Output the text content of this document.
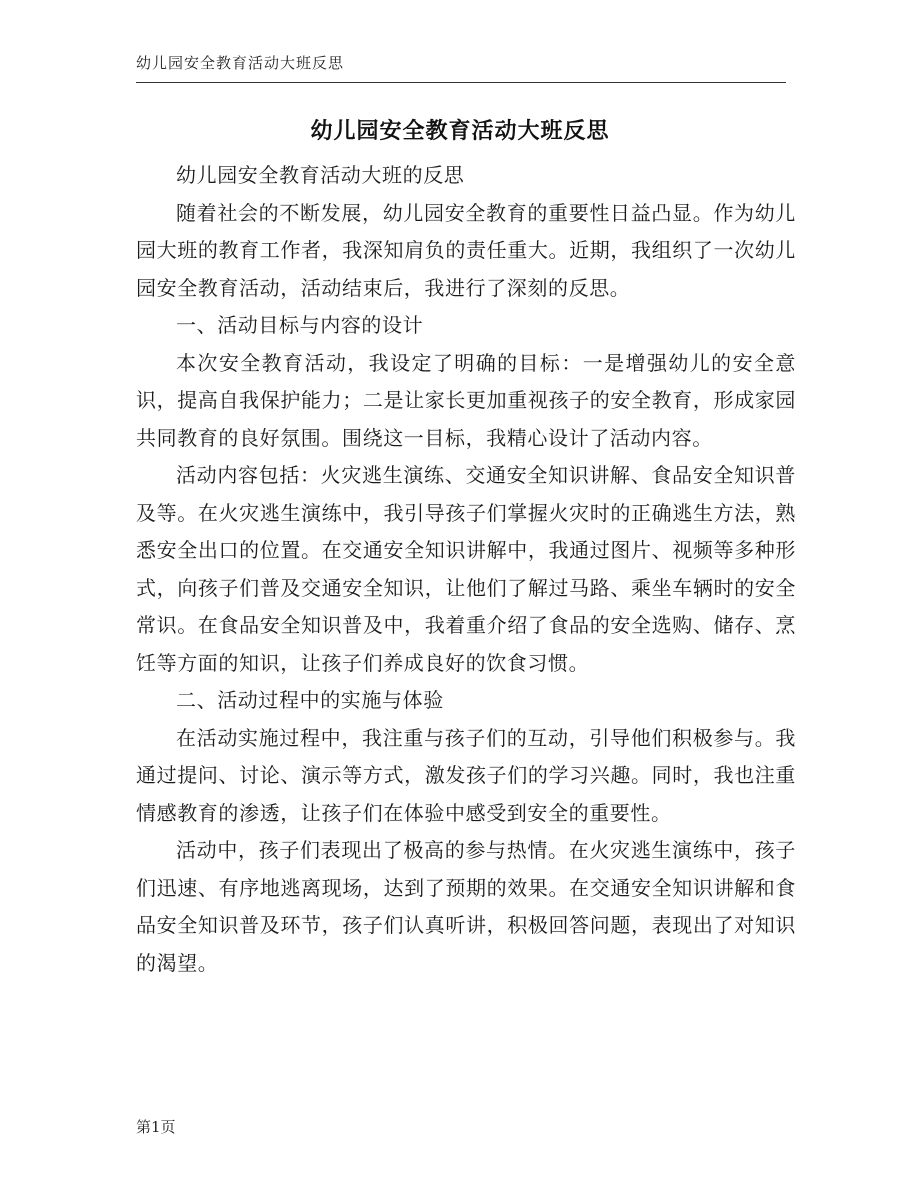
幼儿园安全教育活动大班反思
幼儿园安全教育活动大班反思

幼儿园安全教育活动大班的反思

随着社会的不断发展，幼儿园安全教育的重要性日益凸显。作为幼儿园大班的教育工作者，我深知肩负的责任重大。近期，我组织了一次幼儿园安全教育活动，活动结束后，我进行了深刻的反思。

一、活动目标与内容的设计

本次安全教育活动，我设定了明确的目标：一是增强幼儿的安全意识，提高自我保护能力；二是让家长更加重视孩子的安全教育，形成家园共同教育的良好氛围。围绕这一目标，我精心设计了活动内容。

活动内容包括：火灾逃生演练、交通安全知识讲解、食品安全知识普及等。在火灾逃生演练中，我引导孩子们掌握火灾时的正确逃生方法，熟悉安全出口的位置。在交通安全知识讲解中，我通过图片、视频等多种形式，向孩子们普及交通安全知识，让他们了解过马路、乘坐车辆时的安全常识。在食品安全知识普及中，我着重介绍了食品的安全选购、储存、烹饪等方面的知识，让孩子们养成良好的饮食习惯。

二、活动过程中的实施与体验

在活动实施过程中，我注重与孩子们的互动，引导他们积极参与。我通过提问、讨论、演示等方式，激发孩子们的学习兴趣。同时，我也注重情感教育的渗透，让孩子们在体验中感受到安全的重要性。

活动中，孩子们表现出了极高的参与热情。在火灾逃生演练中，孩子们迅速、有序地逃离现场，达到了预期的效果。在交通安全知识讲解和食品安全知识普及环节，孩子们认真听讲，积极回答问题，表现出了对知识的渴望。

第1页
